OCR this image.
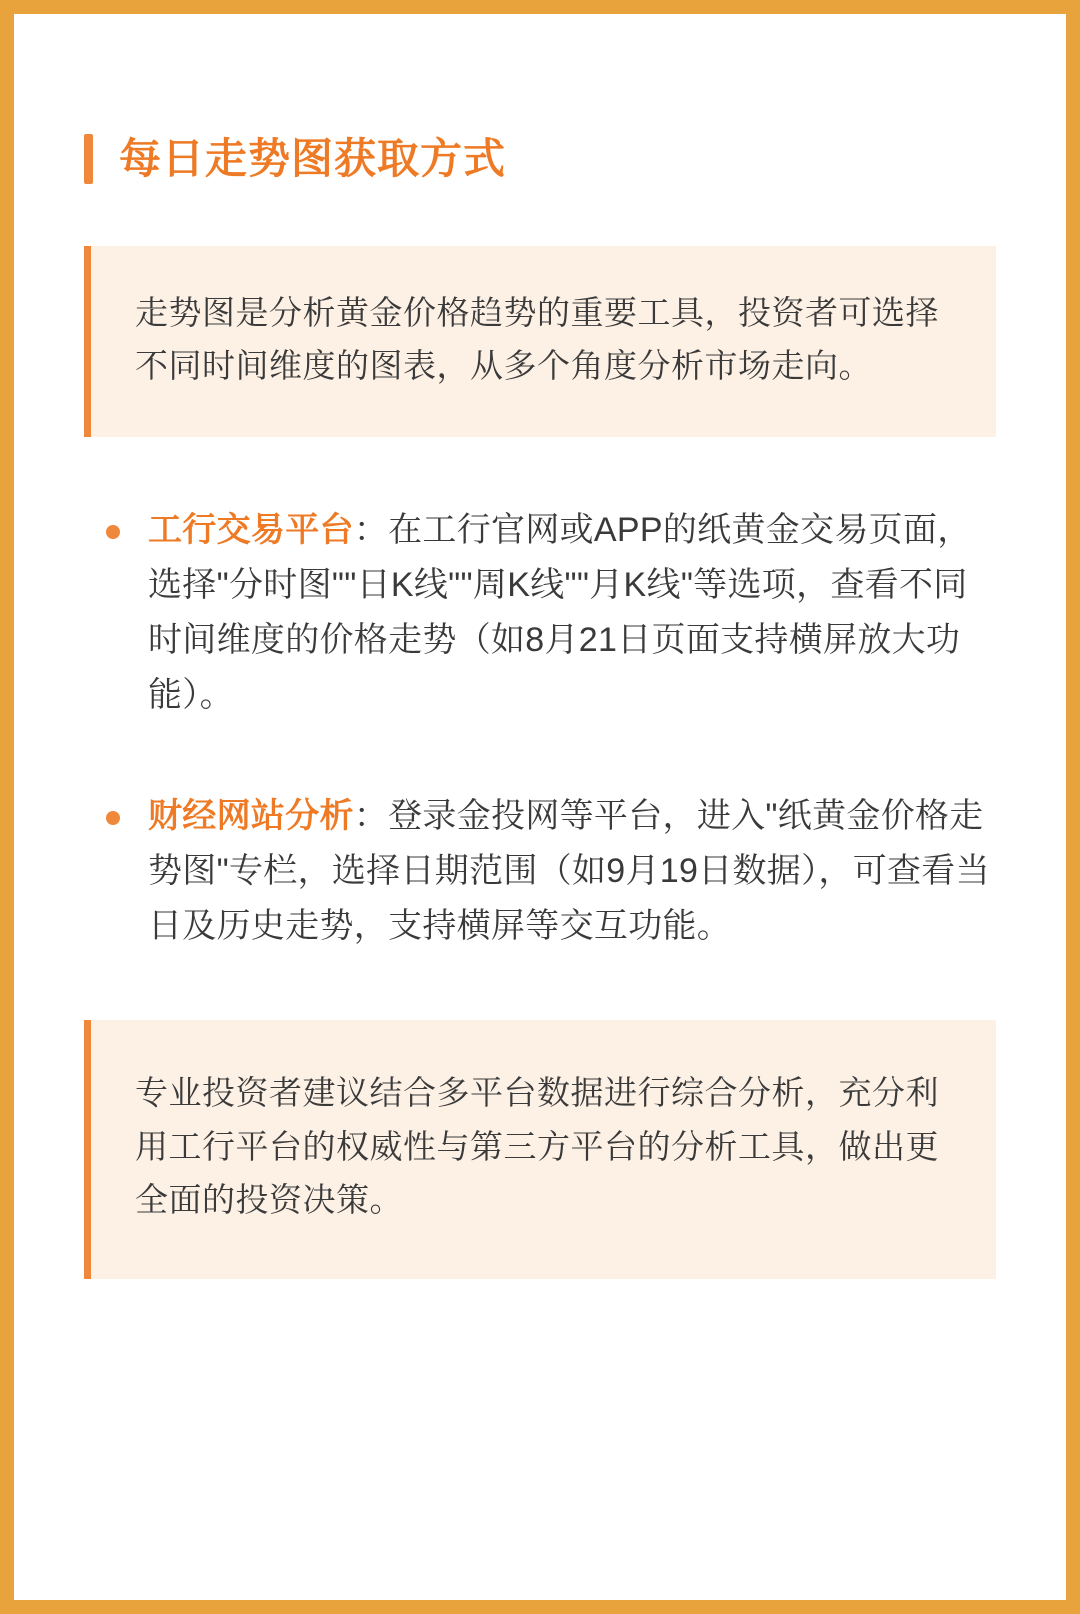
每日走势图获取方式

走势图是分析黄金价格趋势的重要工具，投资者可选择不同时间维度的图表，从多个角度分析市场走向。

工行交易平台：在工行官网或APP的纸黄金交易页面，选择"分时图""日K线""周K线""月K线"等选项，查看不同时间维度的价格走势（如8月21日页面支持横屏放大功能）。
财经网站分析：登录金投网等平台，进入"纸黄金价格走势图"专栏，选择日期范围（如9月19日数据），可查看当日及历史走势，支持横屏等交互功能。

专业投资者建议结合多平台数据进行综合分析，充分利用工行平台的权威性与第三方平台的分析工具，做出更全面的投资决策。
